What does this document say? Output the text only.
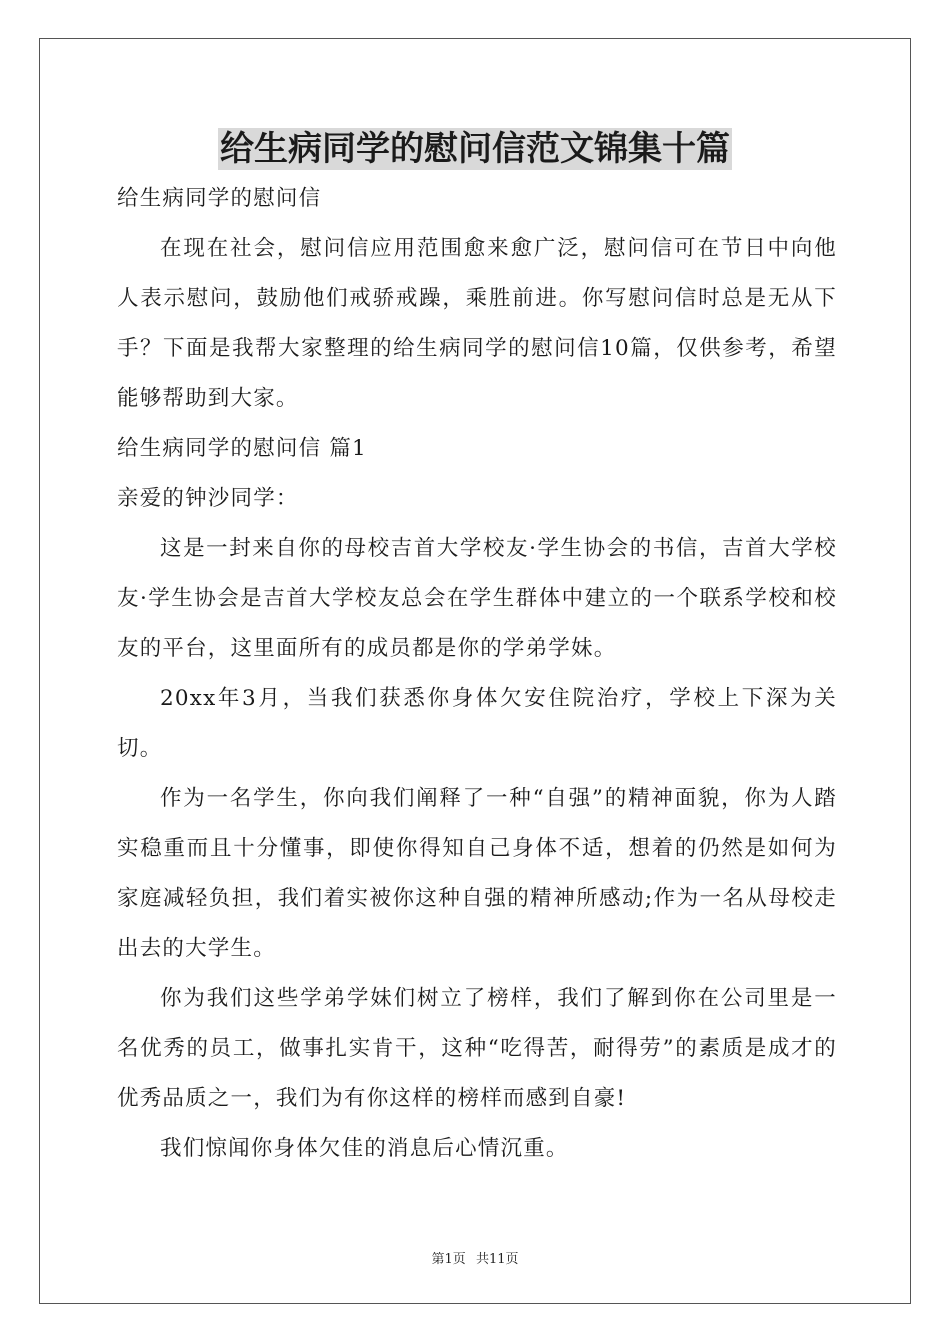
给生病同学的慰问信范文锦集十篇

给生病同学的慰问信

在现在社会，慰问信应用范围愈来愈广泛，慰问信可在节日中向他人表示慰问，鼓励他们戒骄戒躁，乘胜前进。你写慰问信时总是无从下手？下面是我帮大家整理的给生病同学的慰问信10篇，仅供参考，希望能够帮助到大家。

给生病同学的慰问信 篇1

亲爱的钟沙同学：

这是一封来自你的母校吉首大学校友·学生协会的书信，吉首大学校友·学生协会是吉首大学校友总会在学生群体中建立的一个联系学校和校友的平台，这里面所有的成员都是你的学弟学妹。

20xx年3月，当我们获悉你身体欠安住院治疗，学校上下深为关切。

作为一名学生，你向我们阐释了一种“自强”的精神面貌，你为人踏实稳重而且十分懂事，即使你得知自己身体不适，想着的仍然是如何为家庭减轻负担，我们着实被你这种自强的精神所感动;作为一名从母校走出去的大学生。

你为我们这些学弟学妹们树立了榜样，我们了解到你在公司里是一名优秀的员工，做事扎实肯干，这种“吃得苦，耐得劳”的素质是成才的优秀品质之一，我们为有你这样的榜样而感到自豪!

我们惊闻你身体欠佳的消息后心情沉重。

第1页 共11页
